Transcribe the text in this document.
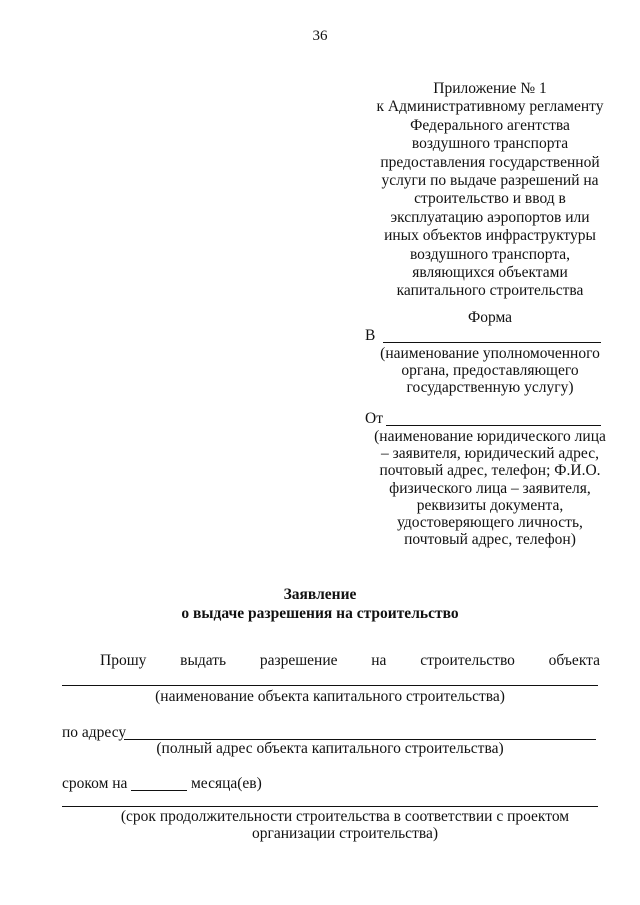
36
Приложение № 1
к Административному регламенту
Федерального агентства
воздушного транспорта
предоставления государственной
услуги по выдаче разрешений на
строительство и ввод в
эксплуатацию аэропортов или
иных объектов инфраструктуры
воздушного транспорта,
являющихся объектами
капитального строительства
Форма
В
(наименование уполномоченного
органа, предоставляющего
государственную услугу)
От
(наименование юридического лица
– заявителя, юридический адрес,
почтовый адрес, телефон; Ф.И.О.
физического лица – заявителя,
реквизиты документа,
удостоверяющего личность,
почтовый адрес, телефон)
Заявление
о выдаче разрешения на строительство
Прошу выдать разрешение на строительство объекта
(наименование объекта капитального строительства)
по адресу
(полный адрес объекта капитального строительства)
сроком на	месяца(ев)
(срок продолжительности строительства в соответствии с проектом
организации строительства)
